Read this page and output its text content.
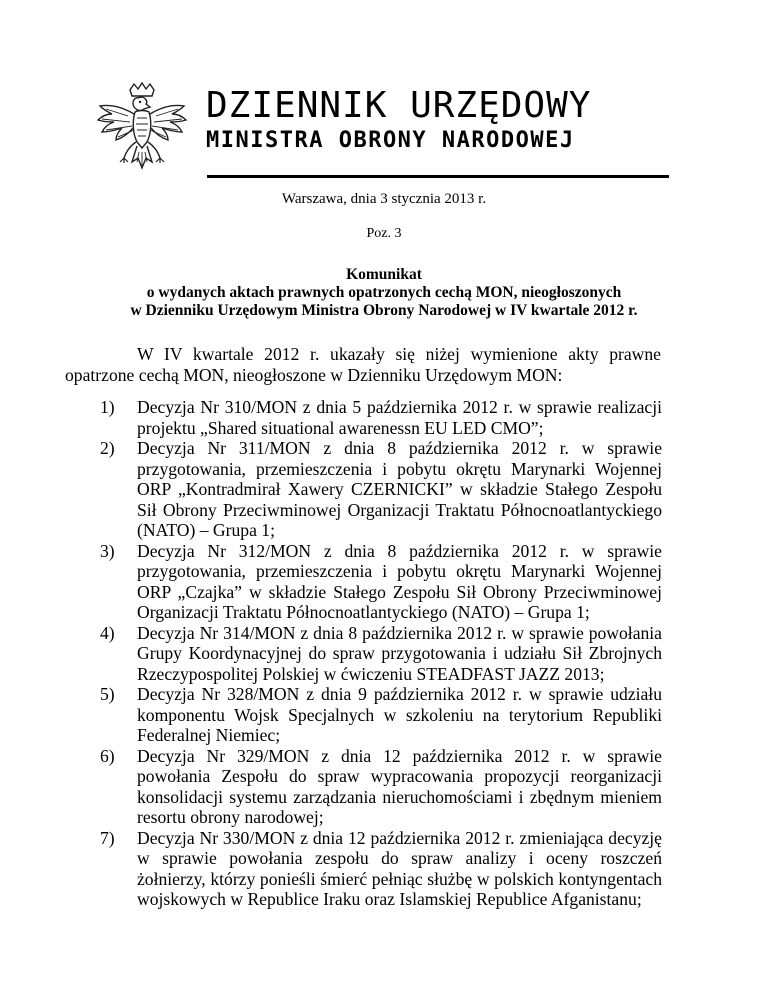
DZIENNIK URZĘDOWY
MINISTRA OBRONY NARODOWEJ
Warszawa, dnia 3 stycznia 2013 r.
Poz. 3
Komunikat
o wydanych aktach prawnych opatrzonych cechą MON, nieogłoszonych
w Dzienniku Urzędowym Ministra Obrony Narodowej w IV kwartale 2012 r.
W IV kwartale 2012 r. ukazały się niżej wymienione akty prawne
opatrzone cechą MON, nieogłoszone w Dzienniku Urzędowym MON:
1) Decyzja Nr 310/MON z dnia 5 października 2012 r. w sprawie realizacji projektu „Shared situational awarenessn EU LED CMO”;
2) Decyzja Nr 311/MON z dnia 8 października 2012 r. w sprawie przygotowania, przemieszczenia i pobytu okrętu Marynarki Wojennej ORP „Kontradmirał Xawery CZERNICKI” w składzie Stałego Zespołu Sił Obrony Przeciwminowej Organizacji Traktatu Północnoatlantyckiego (NATO) – Grupa 1;
3) Decyzja Nr 312/MON z dnia 8 października 2012 r. w sprawie przygotowania, przemieszczenia i pobytu okrętu Marynarki Wojennej ORP „Czajka” w składzie Stałego Zespołu Sił Obrony Przeciwminowej Organizacji Traktatu Północnoatlantyckiego (NATO) – Grupa 1;
4) Decyzja Nr 314/MON z dnia 8 października 2012 r. w sprawie powołania Grupy Koordynacyjnej do spraw przygotowania i udziału Sił Zbrojnych Rzeczypospolitej Polskiej w ćwiczeniu STEADFAST JAZZ 2013;
5) Decyzja Nr 328/MON z dnia 9 października 2012 r. w sprawie udziału komponentu Wojsk Specjalnych w szkoleniu na terytorium Republiki Federalnej Niemiec;
6) Decyzja Nr 329/MON z dnia 12 października 2012 r. w sprawie powołania Zespołu do spraw wypracowania propozycji reorganizacji konsolidacji systemu zarządzania nieruchomościami i zbędnym mieniem resortu obrony narodowej;
7) Decyzja Nr 330/MON z dnia 12 października 2012 r. zmieniająca decyzję w sprawie powołania zespołu do spraw analizy i oceny roszczeń żołnierzy, którzy ponieśli śmierć pełniąc służbę w polskich kontyngentach wojskowych w Republice Iraku oraz Islamskiej Republice Afganistanu;
